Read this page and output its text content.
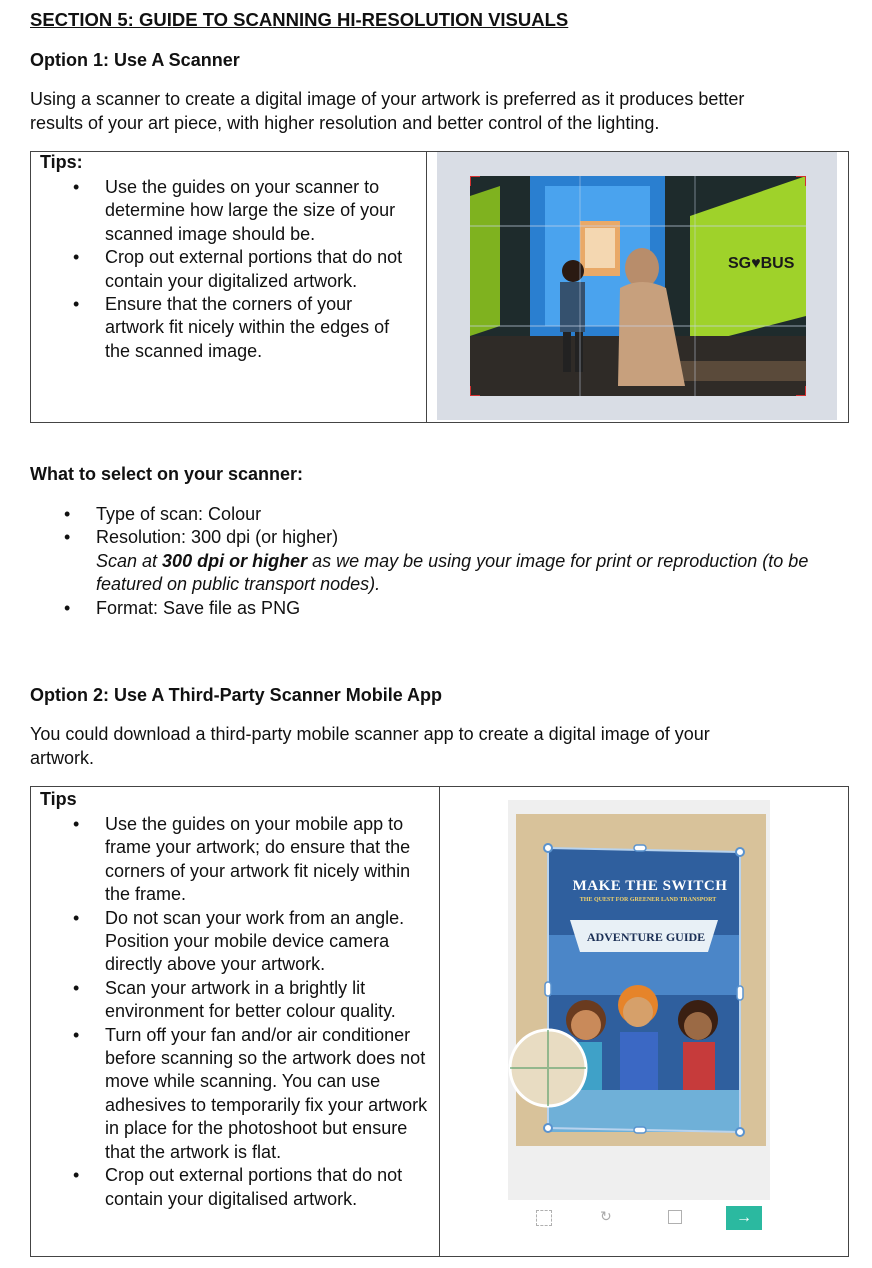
SECTION 5: GUIDE TO SCANNING HI-RESOLUTION VISUALS
Option 1: Use A Scanner
Using a scanner to create a digital image of your artwork is preferred as it produces better
results of your art piece, with higher resolution and better control of the lighting.
Tips:
• Use the guides on your scanner to determine how large the size of your scanned image should be.
• Crop out external portions that do not contain your digitalized artwork.
• Ensure that the corners of your artwork fit nicely within the edges of the scanned image.
SG♥BUS
What to select on your scanner:
• Type of scan: Colour
• Resolution: 300 dpi (or higher)
Scan at 300 dpi or higher as we may be using your image for print or reproduction (to be featured on public transport nodes).
• Format: Save file as PNG
Option 2: Use A Third-Party Scanner Mobile App
You could download a third-party mobile scanner app to create a digital image of your
artwork.
Tips
• Use the guides on your mobile app to frame your artwork; do ensure that the corners of your artwork fit nicely within the frame.
• Do not scan your work from an angle. Position your mobile device camera directly above your artwork.
• Scan your artwork in a brightly lit environment for better colour quality.
• Turn off your fan and/or air conditioner before scanning so the artwork does not move while scanning. You can use adhesives to temporarily fix your artwork in place for the photoshoot but ensure that the artwork is flat.
• Crop out external portions that do not contain your digitalised artwork.
MAKE THE SWITCH
THE QUEST FOR GREENER LAND TRANSPORT
ADVENTURE GUIDE
↻	→
